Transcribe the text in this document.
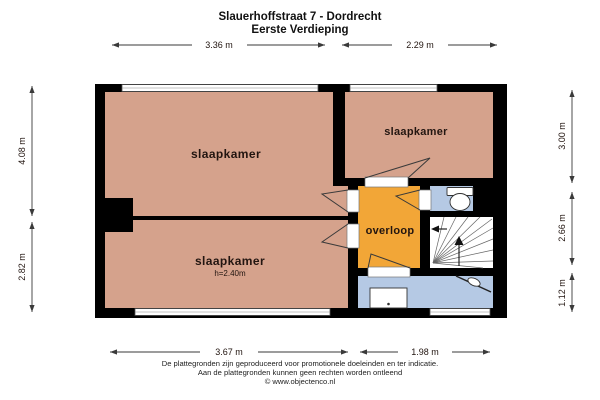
Slauerhoffstraat 7 - Dordrecht
Eerste Verdieping
slaapkamer
slaapkamer
slaapkamer
h=2.40m
overloop
3.36 m	2.29 m
3.67 m	1.98 m
4.08 m
2.82 m
3.00 m
2.66 m
1.12 m
De plattegronden zijn geproduceerd voor promotionele doeleinden en ter indicatie.
Aan de plattegronden kunnen geen rechten worden ontleend
© www.objectenco.nl
